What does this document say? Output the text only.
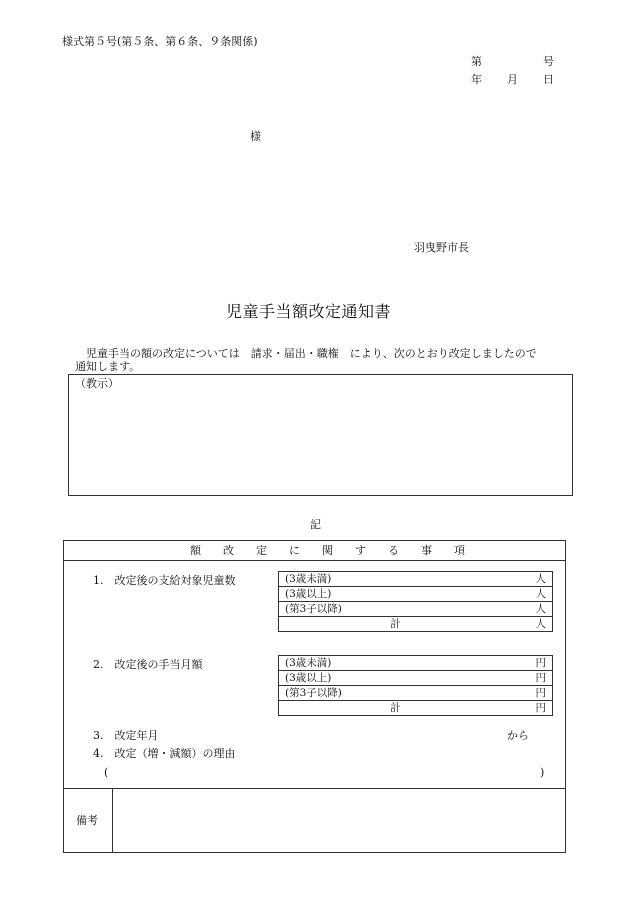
様式第５号(第５条、第６条、９条関係)
第	号
年 月 日
様
羽曳野市長
児童手当額改定通知書
児童手当の額の改定については　請求・届出・職権　により、次のとおり改定しましたので
通知します。
（教示）
記
額　　改　　定　　に　　関　　す　　る　　事　　項
1.　改定後の支給対象児童数	(3歳未満)	人

(3歳以上)	人

(第3子以降)	人

計	人
2.　改定後の手当月額	(3歳未満)	円

(3歳以上)	円

(第3子以降)	円

計	円
3.　改定年月	から
4.　改定（増・減額）の理由
(	)
備考
